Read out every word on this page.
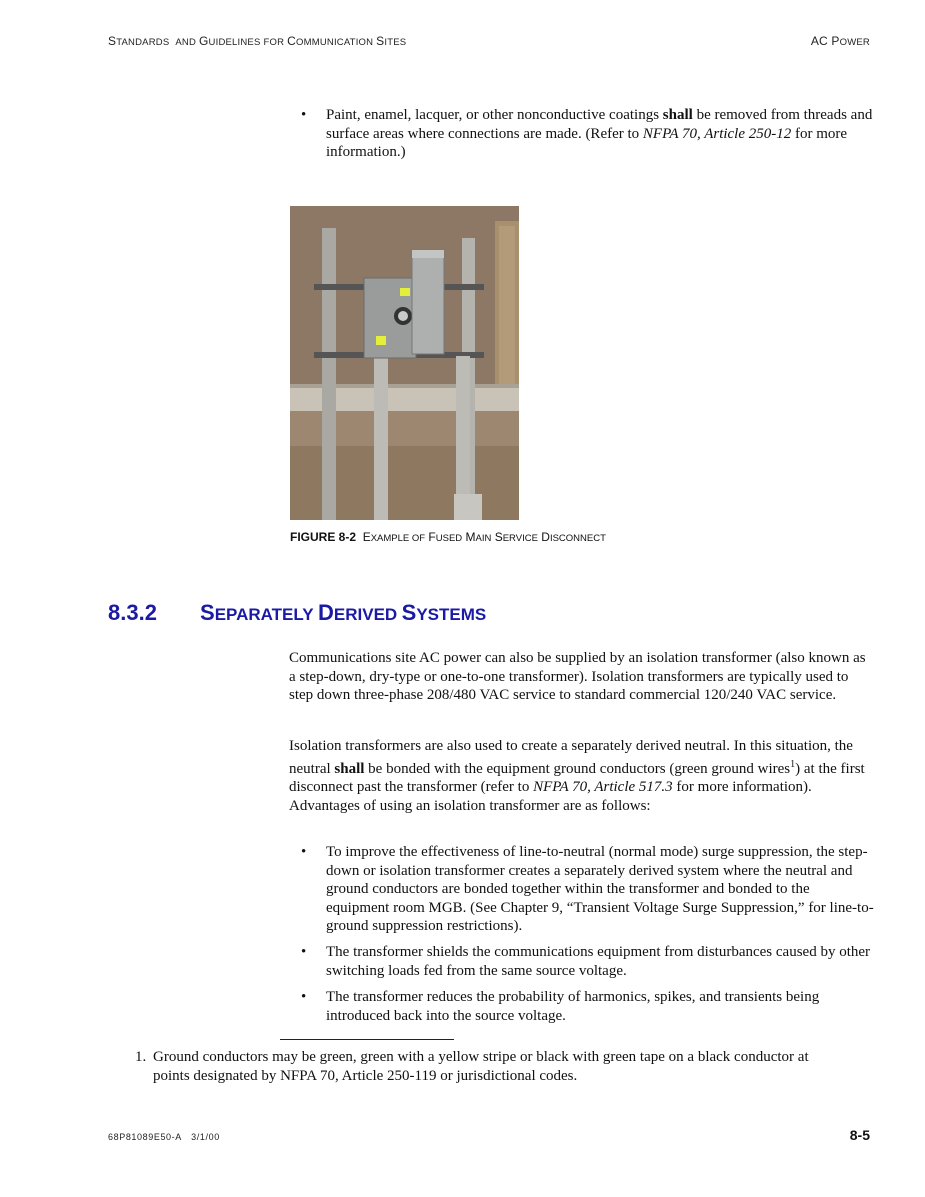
STANDARDS AND GUIDELINES FOR COMMUNICATION SITES	AC POWER
• Paint, enamel, lacquer, or other nonconductive coatings shall be removed from threads and surface areas where connections are made. (Refer to NFPA 70, Article 250-12 for more information.)
FIGURE 8-2 EXAMPLE OF FUSED MAIN SERVICE DISCONNECT
8.3.2 SEPARATELY DERIVED SYSTEMS
Communications site AC power can also be supplied by an isolation transformer (also known as a step-down, dry-type or one-to-one transformer). Isolation transformers are typically used to step down three-phase 208/480 VAC service to standard commercial 120/240 VAC service.
Isolation transformers are also used to create a separately derived neutral. In this situation, the neutral shall be bonded with the equipment ground conductors (green ground wires$^1$) at the first disconnect past the transformer (refer to NFPA 70, Article 517.3 for more information). Advantages of using an isolation transformer are as follows:
• To improve the effectiveness of line-to-neutral (normal mode) surge suppression, the step-down or isolation transformer creates a separately derived system where the neutral and ground conductors are bonded together within the transformer and bonded to the equipment room MGB. (See Chapter 9, “Transient Voltage Surge Suppression,” for line-to-ground suppression restrictions).
• The transformer shields the communications equipment from disturbances caused by other switching loads fed from the same source voltage.
• The transformer reduces the probability of harmonics, spikes, and transients being introduced back into the source voltage.
1. Ground conductors may be green, green with a yellow stripe or black with green tape on a black conductor at points designated by NFPA 70, Article 250-119 or jurisdictional codes.
68P81089E50-A 3/1/00	8-5
